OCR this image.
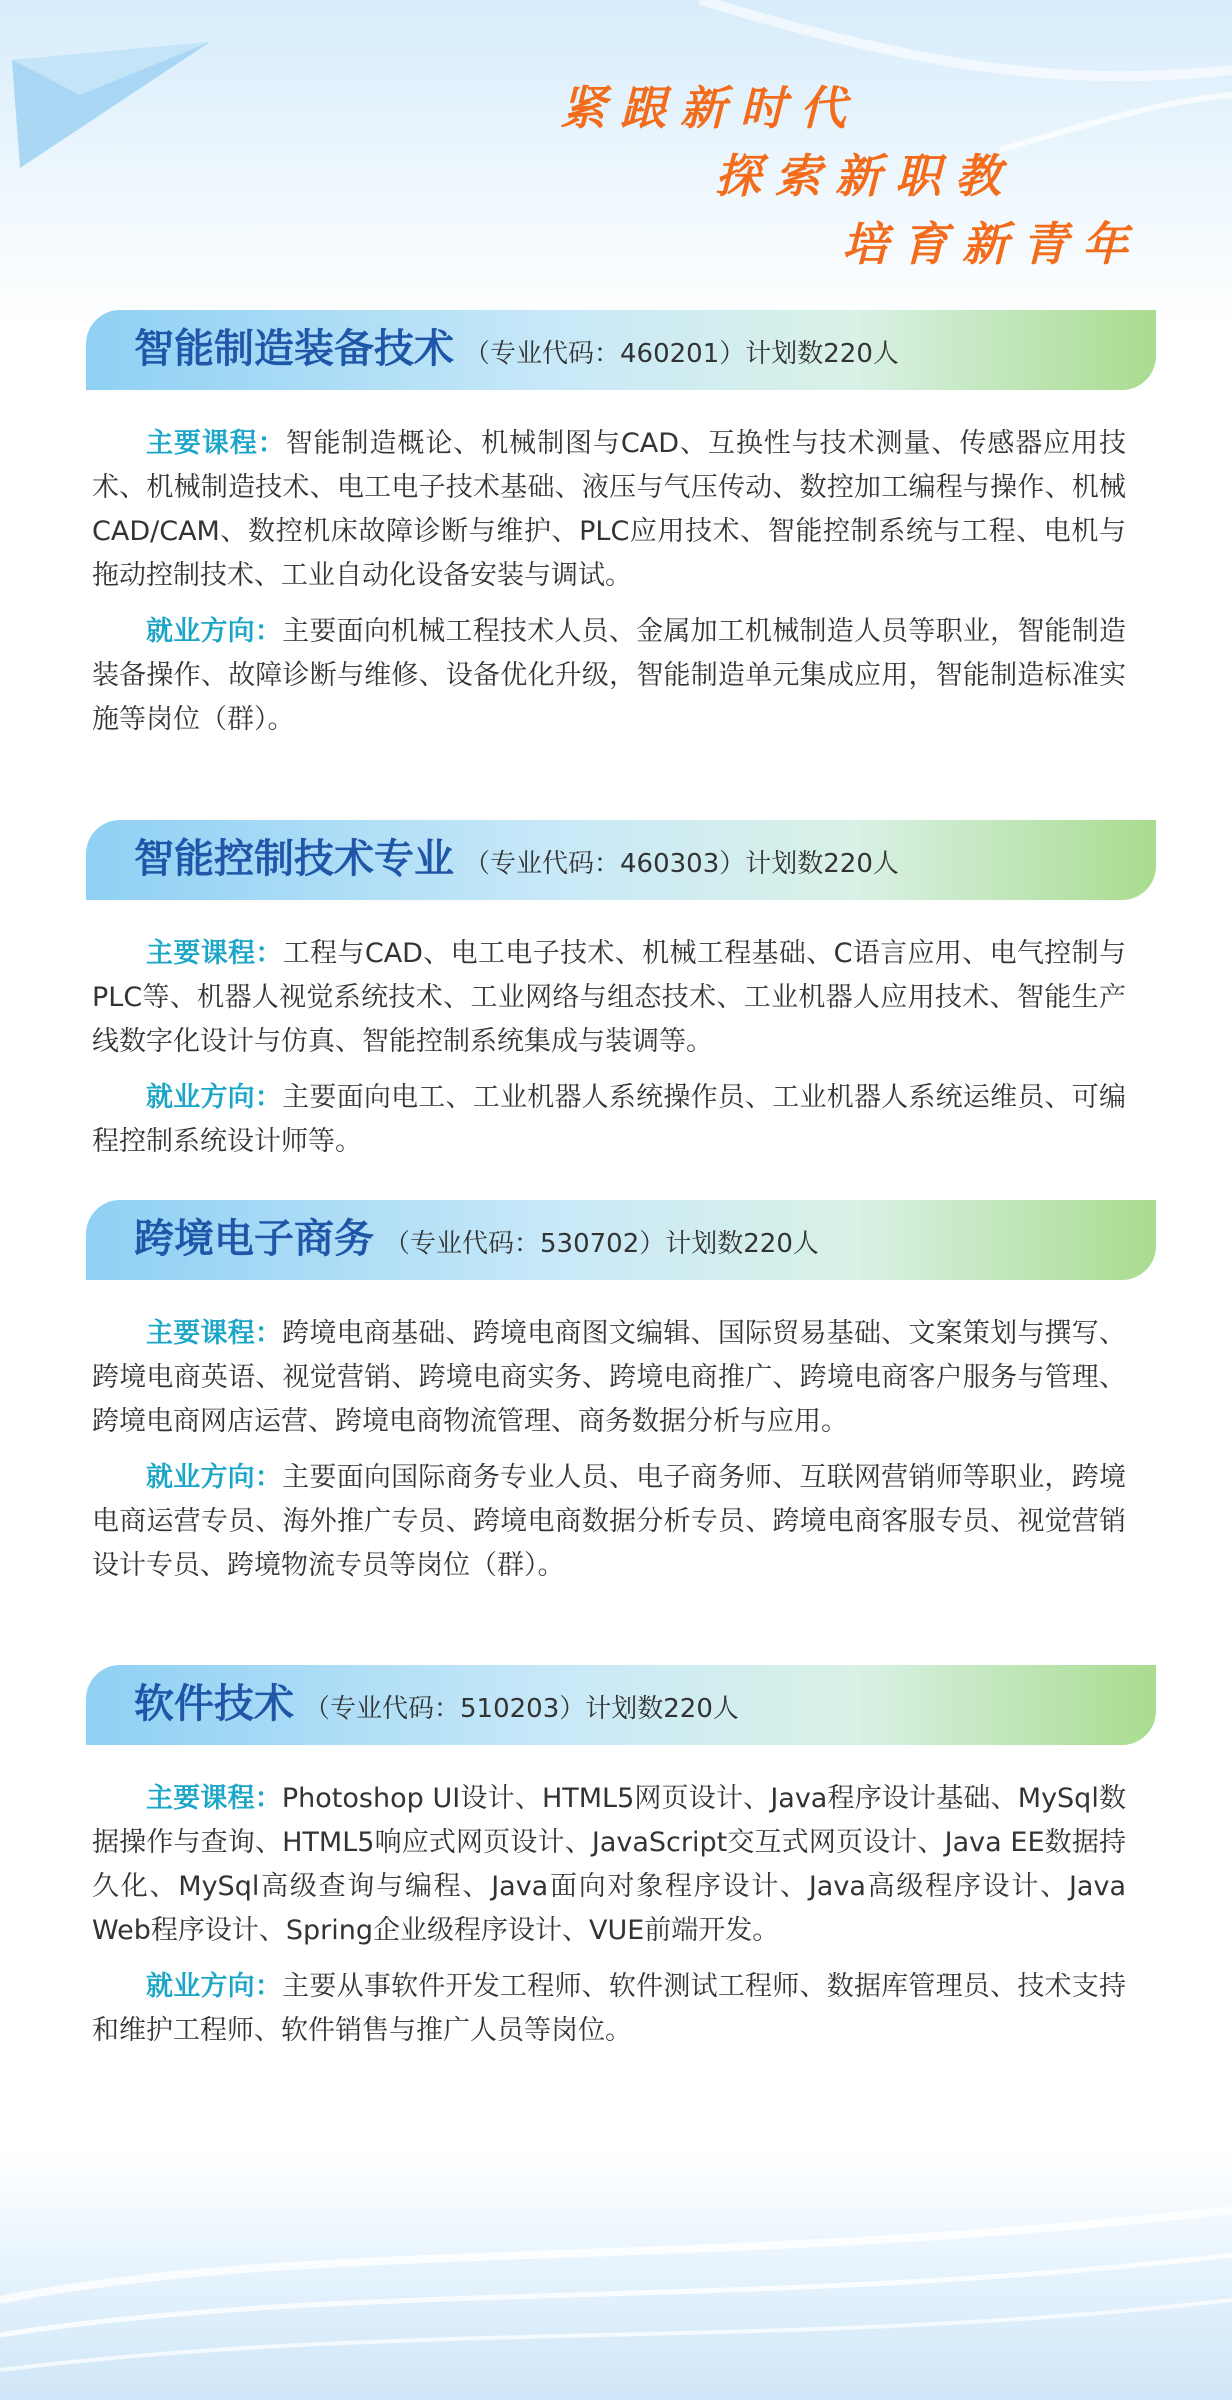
紧跟新时代
探索新职教
培育新青年
智能制造装备技术 （专业代码：460201）计划数220人

主要课程：智能制造概论、机械制图与CAD、互换性与技术测量、传感器应用技术、机械制造技术、电工电子技术基础、液压与气压传动、数控加工编程与操作、机械CAD/CAM、数控机床故障诊断与维护、PLC应用技术、智能控制系统与工程、电机与拖动控制技术、工业自动化设备安装与调试。

就业方向：主要面向机械工程技术人员、金属加工机械制造人员等职业，智能制造装备操作、故障诊断与维修、设备优化升级，智能制造单元集成应用，智能制造标准实施等岗位（群）。

智能控制技术专业 （专业代码：460303）计划数220人

主要课程：工程与CAD、电工电子技术、机械工程基础、C语言应用、电气控制与PLC等、机器人视觉系统技术、工业网络与组态技术、工业机器人应用技术、智能生产线数字化设计与仿真、智能控制系统集成与装调等。

就业方向：主要面向电工、工业机器人系统操作员、工业机器人系统运维员、可编程控制系统设计师等。

跨境电子商务 （专业代码：530702）计划数220人

主要课程：跨境电商基础、跨境电商图文编辑、国际贸易基础、文案策划与撰写、跨境电商英语、视觉营销、跨境电商实务、跨境电商推广、跨境电商客户服务与管理、跨境电商网店运营、跨境电商物流管理、商务数据分析与应用。

就业方向：主要面向国际商务专业人员、电子商务师、互联网营销师等职业，跨境电商运营专员、海外推广专员、跨境电商数据分析专员、跨境电商客服专员、视觉营销设计专员、跨境物流专员等岗位（群）。

软件技术 （专业代码：510203）计划数220人

主要课程：Photoshop UI设计、HTML5网页设计、Java程序设计基础、MySql数据操作与查询、HTML5响应式网页设计、JavaScript交互式网页设计、Java EE数据持久化、MySql高级查询与编程、Java面向对象程序设计、Java高级程序设计、Java Web程序设计、Spring企业级程序设计、VUE前端开发。

就业方向：主要从事软件开发工程师、软件测试工程师、数据库管理员、技术支持和维护工程师、软件销售与推广人员等岗位。
